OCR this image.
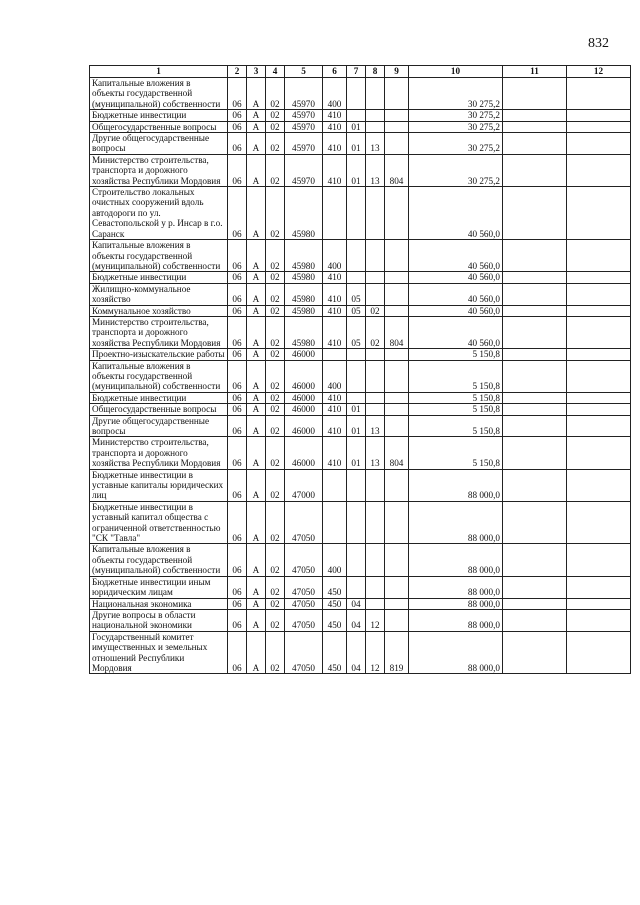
832
1	2	3	4	5	6	7	8	9	10	11	12
Капитальные вложения в объекты государственной (муниципальной) собственности	06	А	02	45970	400				30 275,2		
Бюджетные инвестиции	06	А	02	45970	410				30 275,2		
Общегосударственные вопросы	06	А	02	45970	410	01			30 275,2		
Другие общегосударственные вопросы	06	А	02	45970	410	01	13		30 275,2		
Министерство строительства, транспорта и дорожного хозяйства Республики Мордовия	06	А	02	45970	410	01	13	804	30 275,2		
Строительство локальных очистных сооружений вдоль автодороги по ул. Севастопольской у р. Инсар в г.о. Саранск	06	А	02	45980					40 560,0		
Капитальные вложения в объекты государственной (муниципальной) собственности	06	А	02	45980	400				40 560,0		
Бюджетные инвестиции	06	А	02	45980	410				40 560,0		
Жилищно-коммунальное хозяйство	06	А	02	45980	410	05			40 560,0		
Коммунальное хозяйство	06	А	02	45980	410	05	02		40 560,0		
Министерство строительства, транспорта и дорожного хозяйства Республики Мордовия	06	А	02	45980	410	05	02	804	40 560,0		
Проектно-изыскательские работы	06	А	02	46000					5 150,8		
Капитальные вложения в объекты государственной (муниципальной) собственности	06	А	02	46000	400				5 150,8		
Бюджетные инвестиции	06	А	02	46000	410				5 150,8		
Общегосударственные вопросы	06	А	02	46000	410	01			5 150,8		
Другие общегосударственные вопросы	06	А	02	46000	410	01	13		5 150,8		
Министерство строительства, транспорта и дорожного хозяйства Республики Мордовия	06	А	02	46000	410	01	13	804	5 150,8		
Бюджетные инвестиции в уставные капиталы юридических лиц	06	А	02	47000					88 000,0		
Бюджетные инвестиции в уставный капитал общества с ограниченной ответственностью "СК "Тавла"	06	А	02	47050					88 000,0		
Капитальные вложения в объекты государственной (муниципальной) собственности	06	А	02	47050	400				88 000,0		
Бюджетные инвестиции иным юридическим лицам	06	А	02	47050	450				88 000,0		
Национальная экономика	06	А	02	47050	450	04			88 000,0		
Другие вопросы в области национальной экономики	06	А	02	47050	450	04	12		88 000,0		
Государственный комитет имущественных и земельных отношений Республики Мордовия	06	А	02	47050	450	04	12	819	88 000,0		
